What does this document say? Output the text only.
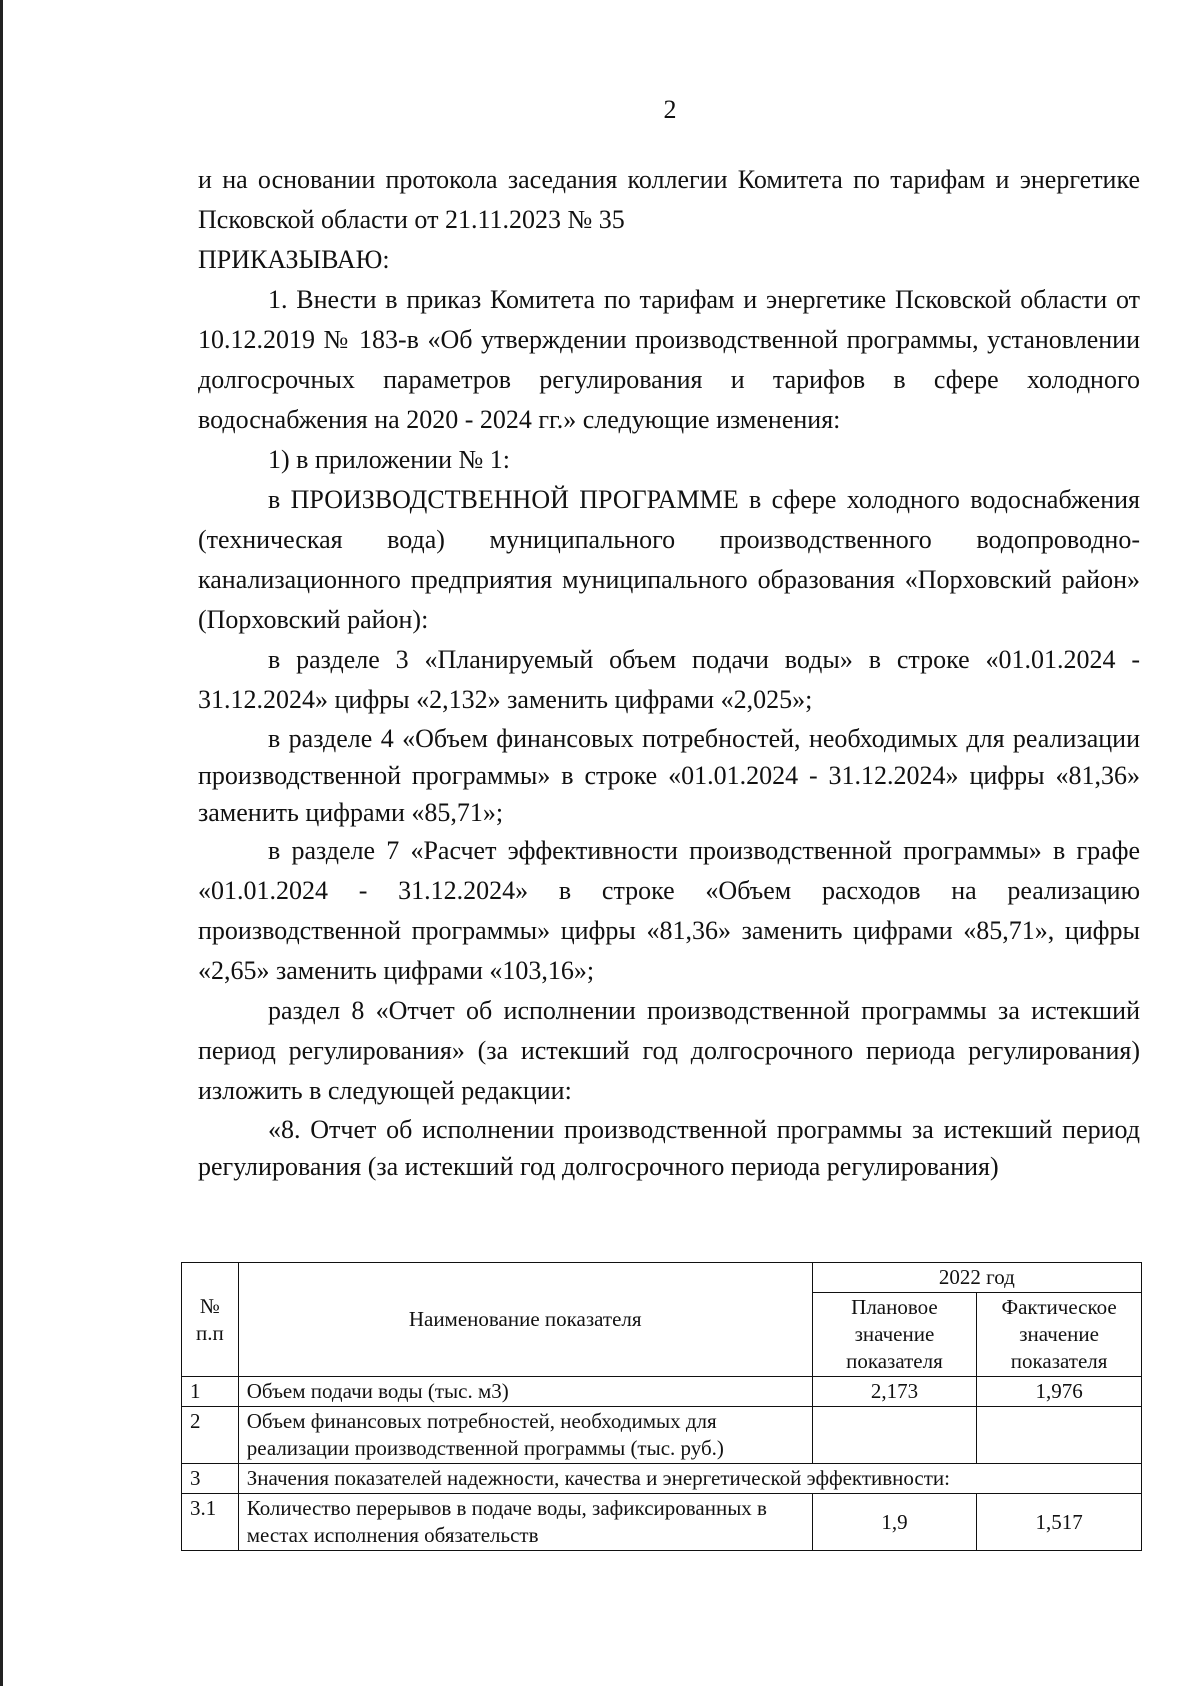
2

и на основании протокола заседания коллегии Комитета по тарифам и энергетике Псковской области от 21.11.2023 № 35

ПРИКАЗЫВАЮ:

1. Внести в приказ Комитета по тарифам и энергетике Псковской области от 10.12.2019 № 183-в «Об утверждении производственной программы, установлении долгосрочных параметров регулирования и тарифов в сфере холодного водоснабжения на 2020 - 2024 гг.» следующие изменения:

1) в приложении № 1:

в ПРОИЗВОДСТВЕННОЙ ПРОГРАММЕ в сфере холодного водоснабжения (техническая вода) муниципального производственного водопроводно-канализационного предприятия муниципального образования «Порховский район» (Порховский район):

в разделе 3 «Планируемый объем подачи воды» в строке «01.01.2024 - 31.12.2024» цифры «2,132» заменить цифрами «2,025»;

в разделе 4 «Объем финансовых потребностей, необходимых для реализации производственной программы» в строке «01.01.2024 - 31.12.2024» цифры «81,36» заменить цифрами «85,71»;

в разделе 7 «Расчет эффективности производственной программы» в графе «01.01.2024 - 31.12.2024» в строке «Объем расходов на реализацию производственной программы» цифры «81,36» заменить цифрами «85,71», цифры «2,65» заменить цифрами «103,16»;

раздел 8 «Отчет об исполнении производственной программы за истекший период регулирования» (за истекший год долгосрочного периода регулирования) изложить в следующей редакции:

«8. Отчет об исполнении производственной программы за истекший период регулирования (за истекший год долгосрочного периода регулирования)

№ п.п	Наименование показателя	2022 год	
		Плановое значение показателя	Фактическое значение показателя
1	Объем подачи воды (тыс. м3)	2,173	1,976
2	Объем финансовых потребностей, необходимых для реализации производственной программы (тыс. руб.)		
3	Значения показателей надежности, качества и энергетической эффективности:		
3.1	Количество перерывов в подаче воды, зафиксированных в местах исполнения обязательств	1,9	1,517
